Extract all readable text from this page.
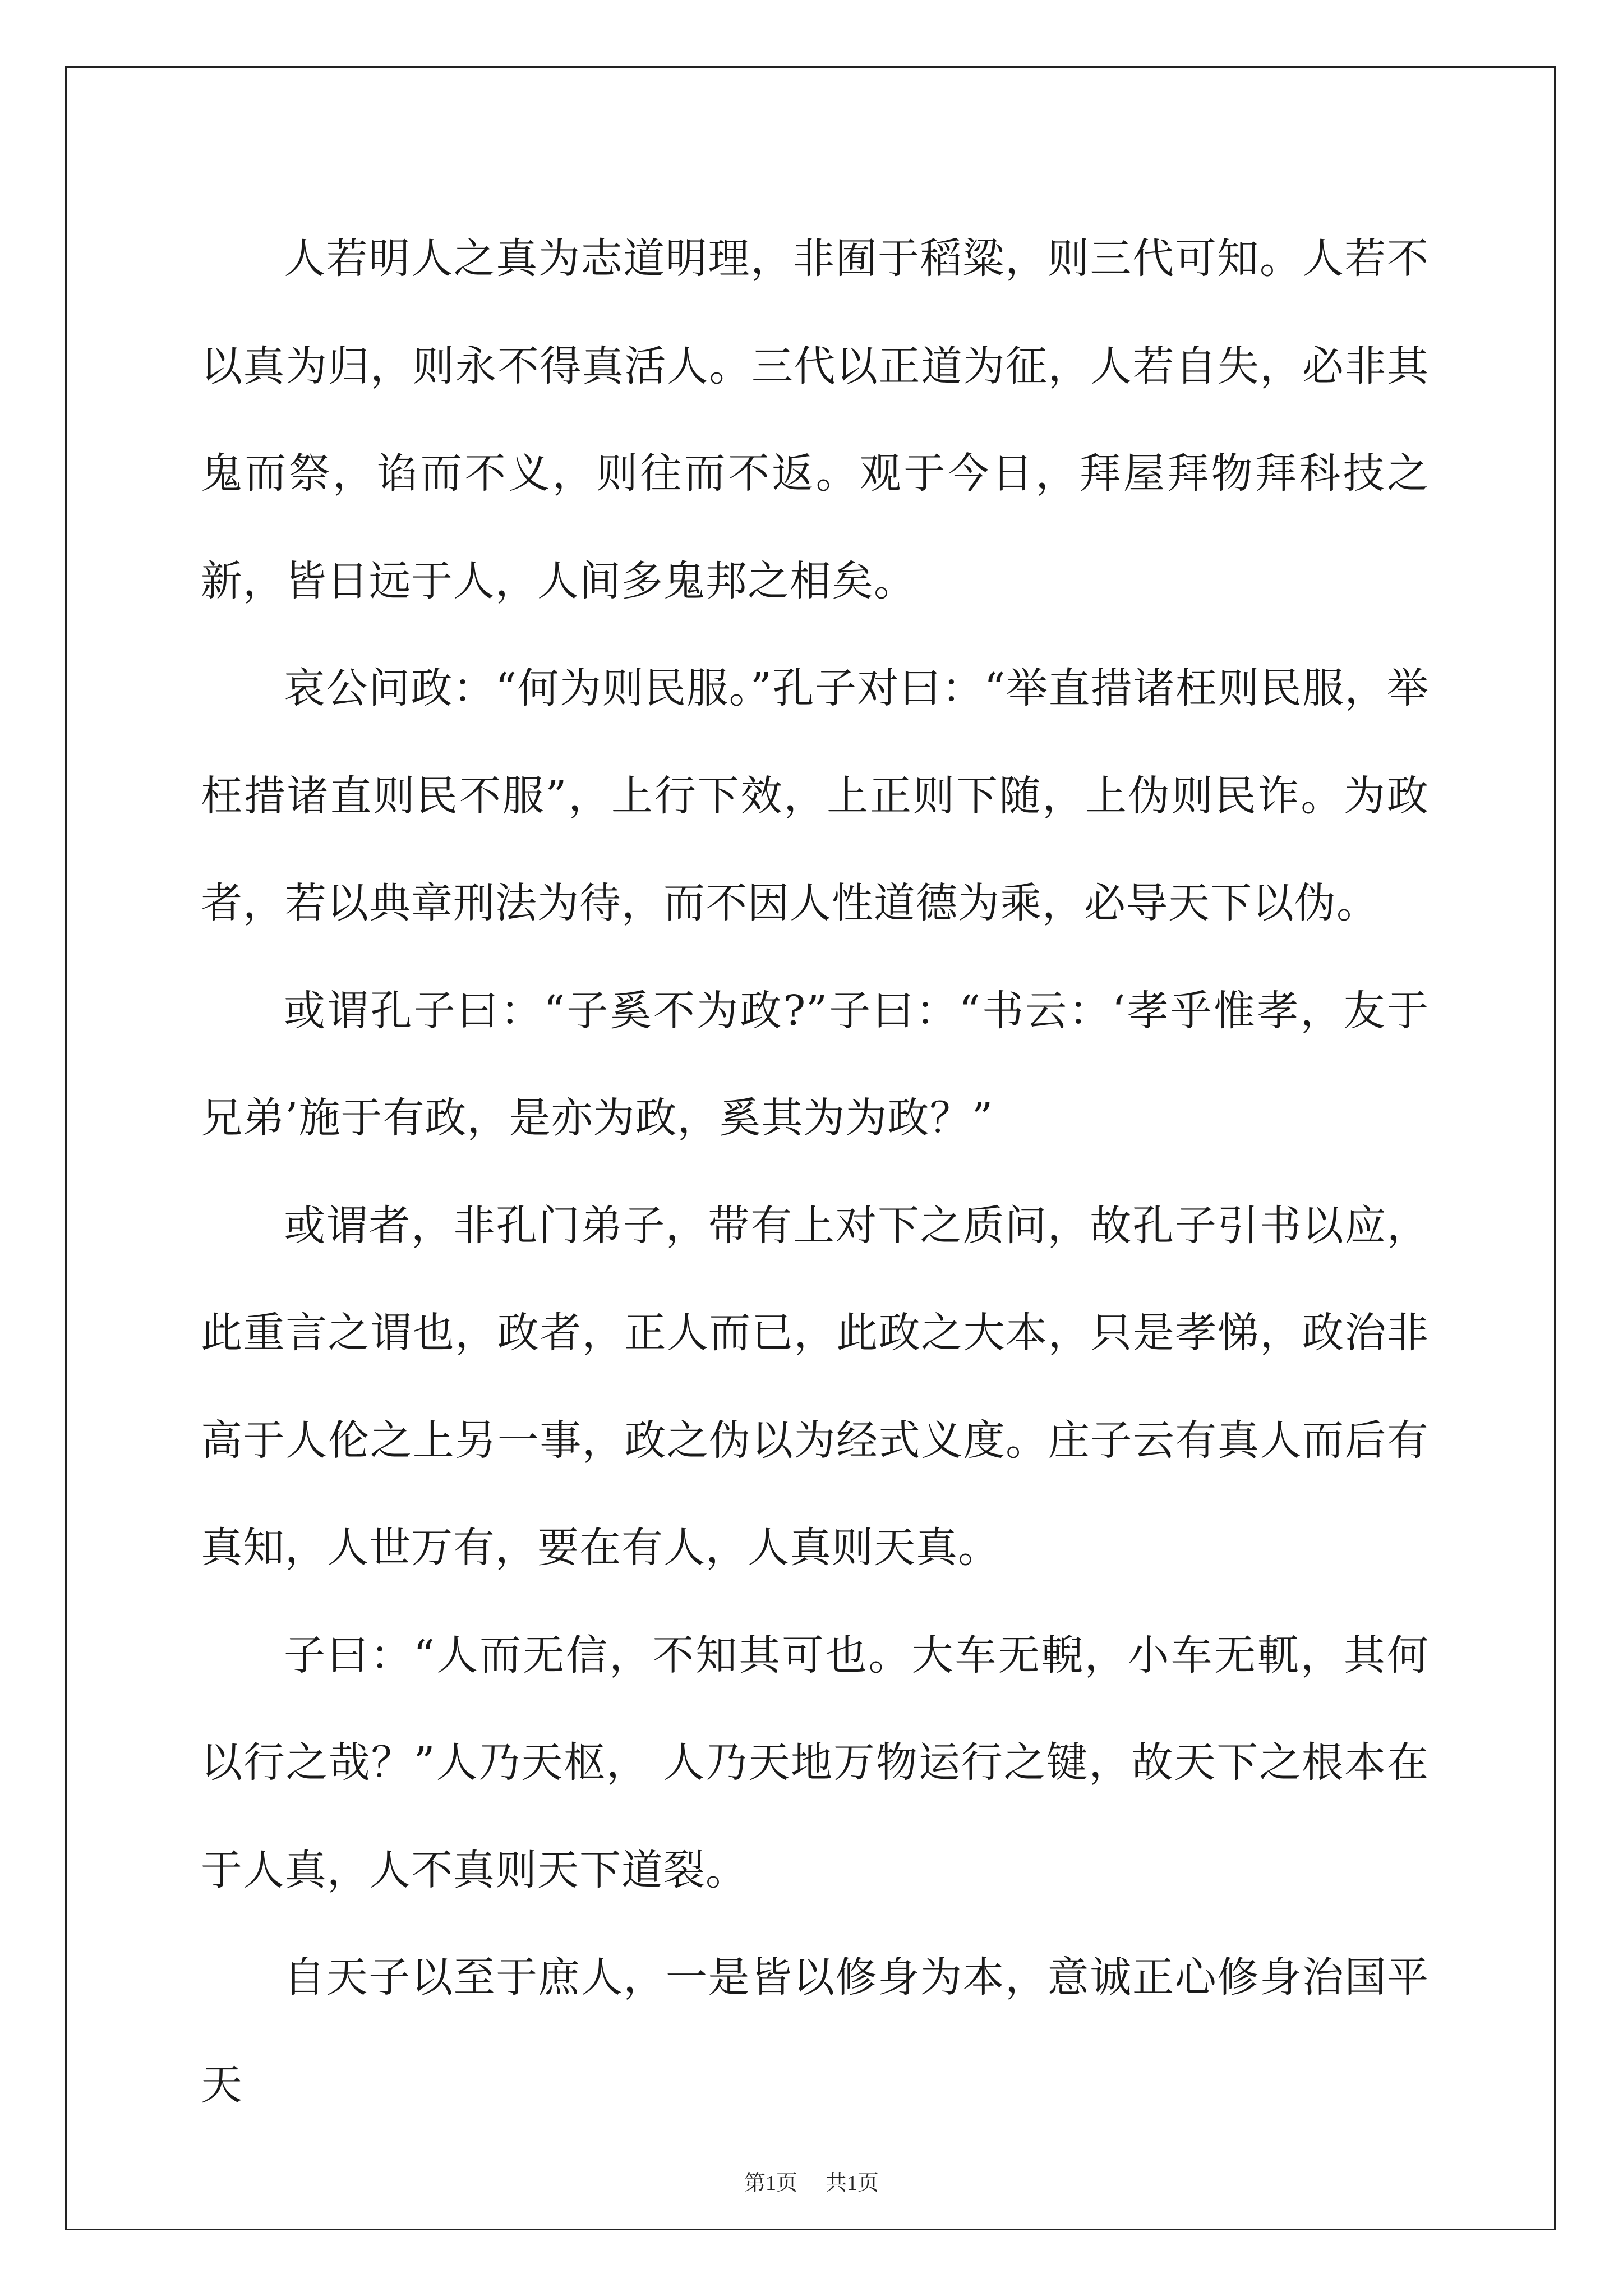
人若明人之真为志道明理，非囿于稻粱，则三代可知。人若不以真为归，则永不得真活人。三代以正道为征，人若自失，必非其鬼而祭，谄而不义，则往而不返。观于今日，拜屋拜物拜科技之新，皆日远于人，人间多鬼邦之相矣。

哀公问政：“何为则民服。”孔子对曰：“举直措诸枉则民服，举枉措诸直则民不服”，上行下效，上正则下随，上伪则民诈。为政者，若以典章刑法为待，而不因人性道德为乘，必导天下以伪。

或谓孔子曰：“子奚不为政?”子曰：“书云：‘孝乎惟孝，友于兄弟’施于有政，是亦为政，奚其为为政？”

或谓者，非孔门弟子，带有上对下之质问，故孔子引书以应，此重言之谓也，政者，正人而已，此政之大本，只是孝悌，政治非高于人伦之上另一事，政之伪以为经式义度。庄子云有真人而后有真知，人世万有，要在有人，人真则天真。

子曰：“人而无信，不知其可也。大车无輗，小车无軏，其何以行之哉？”人乃天枢， 人乃天地万物运行之键，故天下之根本在于人真，人不真则天下道裂。

自天子以至于庶人，一是皆以修身为本，意诚正心修身治国平天

第1页 共1页
